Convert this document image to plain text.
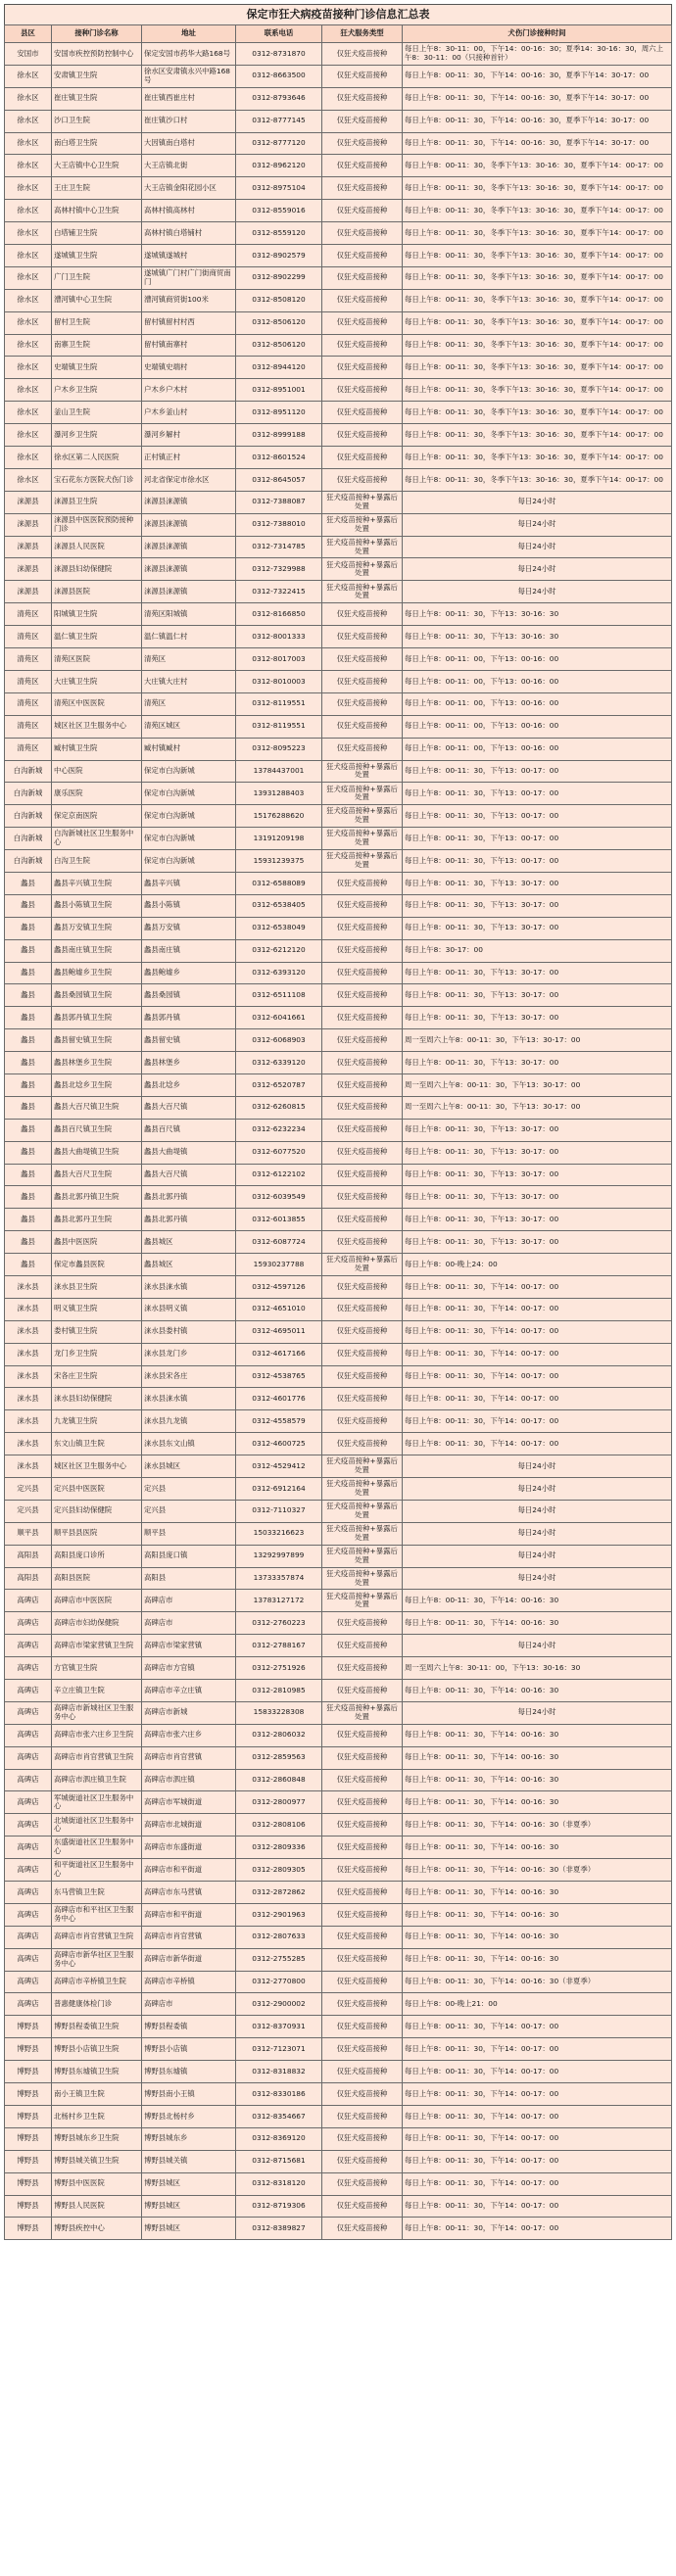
保定市狂犬病疫苗接种门诊信息汇总表
县区	接种门诊名称	地址	联系电话	狂犬服务类型	犬伤门诊接种时间
安国市	安国市疾控预防控制中心	保定安国市药华大路168号	0312-8731870	仅狂犬疫苗接种	每日上午8：30-11：00，下午14：00-16：30；夏季14：30-16：30，周六上午8：30-11：00（只接种首针）
徐水区	安肃镇卫生院	徐水区安肃镇永兴中路168号	0312-8663500	仅狂犬疫苗接种	每日上午8：00-11：30，下午14：00-16：30，夏季下午14：30-17：00
徐水区	崔庄镇卫生院	崔庄镇西崔庄村	0312-8793646	仅狂犬疫苗接种	每日上午8：00-11：30，下午14：00-16：30，夏季下午14：30-17：00
徐水区	沙口卫生院	崔庄镇沙口村	0312-8777145	仅狂犬疫苗接种	每日上午8：00-11：30，下午14：00-16：30，夏季下午14：30-17：00
徐水区	南白塔卫生院	大因镇南白塔村	0312-8777120	仅狂犬疫苗接种	每日上午8：00-11：30，下午14：00-16：30，夏季下午14：30-17：00
徐水区	大王店镇中心卫生院	大王店镇北街	0312-8962120	仅狂犬疫苗接种	每日上午8：00-11：30，冬季下午13：30-16：30，夏季下午14：00-17：00
徐水区	王庄卫生院	大王店镇金阳花园小区	0312-8975104	仅狂犬疫苗接种	每日上午8：00-11：30，冬季下午13：30-16：30，夏季下午14：00-17：00
徐水区	高林村镇中心卫生院	高林村镇高林村	0312-8559016	仅狂犬疫苗接种	每日上午8：00-11：30，冬季下午13：30-16：30，夏季下午14：00-17：00
徐水区	白塔铺卫生院	高林村镇白塔铺村	0312-8559120	仅狂犬疫苗接种	每日上午8：00-11：30，冬季下午13：30-16：30，夏季下午14：00-17：00
徐水区	遂城镇卫生院	遂城镇遂城村	0312-8902579	仅狂犬疫苗接种	每日上午8：00-11：30，冬季下午13：30-16：30，夏季下午14：00-17：00
徐水区	广门卫生院	遂城镇广门村广门街商贸南门	0312-8902299	仅狂犬疫苗接种	每日上午8：00-11：30，冬季下午13：30-16：30，夏季下午14：00-17：00
徐水区	漕河镇中心卫生院	漕河镇商贸街100米	0312-8508120	仅狂犬疫苗接种	每日上午8：00-11：30，冬季下午13：30-16：30，夏季下午14：00-17：00
徐水区	留村卫生院	留村镇留村村西	0312-8506120	仅狂犬疫苗接种	每日上午8：00-11：30，冬季下午13：30-16：30，夏季下午14：00-17：00
徐水区	南寨卫生院	留村镇南寨村	0312-8506120	仅狂犬疫苗接种	每日上午8：00-11：30，冬季下午13：30-16：30，夏季下午14：00-17：00
徐水区	史端镇卫生院	史端镇史端村	0312-8944120	仅狂犬疫苗接种	每日上午8：00-11：30，冬季下午13：30-16：30，夏季下午14：00-17：00
徐水区	户木乡卫生院	户木乡户木村	0312-8951001	仅狂犬疫苗接种	每日上午8：00-11：30，冬季下午13：30-16：30，夏季下午14：00-17：00
徐水区	釜山卫生院	户木乡釜山村	0312-8951120	仅狂犬疫苗接种	每日上午8：00-11：30，冬季下午13：30-16：30，夏季下午14：00-17：00
徐水区	瀑河乡卫生院	瀑河乡解村	0312-8999188	仅狂犬疫苗接种	每日上午8：00-11：30，冬季下午13：30-16：30，夏季下午14：00-17：00
徐水区	徐水区第二人民医院	正村镇正村	0312-8601524	仅狂犬疫苗接种	每日上午8：00-11：30，冬季下午13：30-16：30，夏季下午14：00-17：00
徐水区	宝石花东方医院犬伤门诊	河北省保定市徐水区	0312-8645057	仅狂犬疫苗接种	每日上午8：00-11：30，冬季下午13：30-16：30，夏季下午14：00-17：00
涞源县	涞源县卫生院	涞源县涞源镇	0312-7388087	狂犬疫苗接种+暴露后处置	每日24小时
涞源县	涞源县中医医院预防接种门诊	涞源县涞源镇	0312-7388010	狂犬疫苗接种+暴露后处置	每日24小时
涞源县	涞源县人民医院	涞源县涞源镇	0312-7314785	狂犬疫苗接种+暴露后处置	每日24小时
涞源县	涞源县妇幼保健院	涞源县涞源镇	0312-7329988	狂犬疫苗接种+暴露后处置	每日24小时
涞源县	涞源县医院	涞源县涞源镇	0312-7322415	狂犬疫苗接种+暴露后处置	每日24小时
清苑区	阳城镇卫生院	清苑区阳城镇	0312-8166850	仅狂犬疫苗接种	每日上午8：00-11：30，下午13：30-16：30
清苑区	温仁镇卫生院	温仁镇温仁村	0312-8001333	仅狂犬疫苗接种	每日上午8：00-11：30，下午13：30-16：30
清苑区	清苑区医院	清苑区	0312-8017003	仅狂犬疫苗接种	每日上午8：00-11：00，下午13：00-16：00
清苑区	大庄镇卫生院	大庄镇大庄村	0312-8010003	仅狂犬疫苗接种	每日上午8：00-11：00，下午13：00-16：00
清苑区	清苑区中医医院	清苑区	0312-8119551	仅狂犬疫苗接种	每日上午8：00-11：00，下午13：00-16：00
清苑区	城区社区卫生服务中心	清苑区城区	0312-8119551	仅狂犬疫苗接种	每日上午8：00-11：00，下午13：00-16：00
清苑区	臧村镇卫生院	臧村镇臧村	0312-8095223	仅狂犬疫苗接种	每日上午8：00-11：00，下午13：00-16：00
白沟新城	中心医院	保定市白沟新城	13784437001	狂犬疫苗接种+暴露后处置	每日上午8：00-11：30，下午13：00-17：00
白沟新城	康乐医院	保定市白沟新城	13931288403	狂犬疫苗接种+暴露后处置	每日上午8：00-11：30，下午13：00-17：00
白沟新城	保定京南医院	保定市白沟新城	15176288620	狂犬疫苗接种+暴露后处置	每日上午8：00-11：30，下午13：00-17：00
白沟新城	白沟新城社区卫生服务中心	保定市白沟新城	13191209198	狂犬疫苗接种+暴露后处置	每日上午8：00-11：30，下午13：00-17：00
白沟新城	白沟卫生院	保定市白沟新城	15931239375	狂犬疫苗接种+暴露后处置	每日上午8：00-11：30，下午13：00-17：00
蠡县	蠡县辛兴镇卫生院	蠡县辛兴镇	0312-6588089	仅狂犬疫苗接种	每日上午8：00-11：30，下午13：30-17：00
蠡县	蠡县小陈镇卫生院	蠡县小陈镇	0312-6538405	仅狂犬疫苗接种	每日上午8：00-11：30，下午13：30-17：00
蠡县	蠡县万安镇卫生院	蠡县万安镇	0312-6538049	仅狂犬疫苗接种	每日上午8：00-11：30，下午13：30-17：00
蠡县	蠡县南庄镇卫生院	蠡县南庄镇	0312-6212120	仅狂犬疫苗接种	每日上午8：30-17：00
蠡县	蠡县鲍墟乡卫生院	蠡县鲍墟乡	0312-6393120	仅狂犬疫苗接种	每日上午8：00-11：30，下午13：30-17：00
蠡县	蠡县桑园镇卫生院	蠡县桑园镇	0312-6511108	仅狂犬疫苗接种	每日上午8：00-11：30，下午13：30-17：00
蠡县	蠡县郭丹镇卫生院	蠡县郭丹镇	0312-6041661	仅狂犬疫苗接种	每日上午8：00-11：30，下午13：30-17：00
蠡县	蠡县留史镇卫生院	蠡县留史镇	0312-6068903	仅狂犬疫苗接种	周一至周六上午8：00-11：30，下午13：30-17：00
蠡县	蠡县林堡乡卫生院	蠡县林堡乡	0312-6339120	仅狂犬疫苗接种	每日上午8：00-11：30，下午13：30-17：00
蠡县	蠡县北埝乡卫生院	蠡县北埝乡	0312-6520787	仅狂犬疫苗接种	周一至周六上午8：00-11：30，下午13：30-17：00
蠡县	蠡县大百尺镇卫生院	蠡县大百尺镇	0312-6260815	仅狂犬疫苗接种	周一至周六上午8：00-11：30，下午13：30-17：00
蠡县	蠡县百尺镇卫生院	蠡县百尺镇	0312-6232234	仅狂犬疫苗接种	每日上午8：00-11：30，下午13：30-17：00
蠡县	蠡县大曲堤镇卫生院	蠡县大曲堤镇	0312-6077520	仅狂犬疫苗接种	每日上午8：00-11：30，下午13：30-17：00
蠡县	蠡县大百尺卫生院	蠡县大百尺镇	0312-6122102	仅狂犬疫苗接种	每日上午8：00-11：30，下午13：30-17：00
蠡县	蠡县北郭丹镇卫生院	蠡县北郭丹镇	0312-6039549	仅狂犬疫苗接种	每日上午8：00-11：30，下午13：30-17：00
蠡县	蠡县北郭丹卫生院	蠡县北郭丹镇	0312-6013855	仅狂犬疫苗接种	每日上午8：00-11：30，下午13：30-17：00
蠡县	蠡县中医医院	蠡县城区	0312-6087724	仅狂犬疫苗接种	每日上午8：00-11：30，下午13：30-17：00
蠡县	保定市蠡县医院	蠡县城区	15930237788	狂犬疫苗接种+暴露后处置	每日上午8：00-晚上24：00
涞水县	涞水县卫生院	涞水县涞水镇	0312-4597126	仅狂犬疫苗接种	每日上午8：00-11：30，下午14：00-17：00
涞水县	明义镇卫生院	涞水县明义镇	0312-4651010	仅狂犬疫苗接种	每日上午8：00-11：30，下午14：00-17：00
涞水县	娄村镇卫生院	涞水县娄村镇	0312-4695011	仅狂犬疫苗接种	每日上午8：00-11：30，下午14：00-17：00
涞水县	龙门乡卫生院	涞水县龙门乡	0312-4617166	仅狂犬疫苗接种	每日上午8：00-11：30，下午14：00-17：00
涞水县	宋各庄卫生院	涞水县宋各庄	0312-4538765	仅狂犬疫苗接种	每日上午8：00-11：30，下午14：00-17：00
涞水县	涞水县妇幼保健院	涞水县涞水镇	0312-4601776	仅狂犬疫苗接种	每日上午8：00-11：30，下午14：00-17：00
涞水县	九龙镇卫生院	涞水县九龙镇	0312-4558579	仅狂犬疫苗接种	每日上午8：00-11：30，下午14：00-17：00
涞水县	东文山镇卫生院	涞水县东文山镇	0312-4600725	仅狂犬疫苗接种	每日上午8：00-11：30，下午14：00-17：00
涞水县	城区社区卫生服务中心	涞水县城区	0312-4529412	狂犬疫苗接种+暴露后处置	每日24小时
定兴县	定兴县中医医院	定兴县	0312-6912164	狂犬疫苗接种+暴露后处置	每日24小时
定兴县	定兴县妇幼保健院	定兴县	0312-7110327	狂犬疫苗接种+暴露后处置	每日24小时
顺平县	顺平县县医院	顺平县	15033216623	狂犬疫苗接种+暴露后处置	每日24小时
高阳县	高阳县庞口诊所	高阳县庞口镇	13292997899	狂犬疫苗接种+暴露后处置	每日24小时
高阳县	高阳县医院	高阳县	13733357874	狂犬疫苗接种+暴露后处置	每日24小时
高碑店	高碑店市中医医院	高碑店市	13783127172	狂犬疫苗接种+暴露后处置	每日上午8：00-11：30，下午14：00-16：30
高碑店	高碑店市妇幼保健院	高碑店市	0312-2760223	仅狂犬疫苗接种	每日上午8：00-11：30，下午14：00-16：30
高碑店	高碑店市梁家营镇卫生院	高碑店市梁家营镇	0312-2788167	仅狂犬疫苗接种	每日24小时
高碑店	方官镇卫生院	高碑店市方官镇	0312-2751926	仅狂犬疫苗接种	周一至周六上午8：30-11：00，下午13：30-16：30
高碑店	辛立庄镇卫生院	高碑店市辛立庄镇	0312-2810985	仅狂犬疫苗接种	每日上午8：00-11：30，下午14：00-16：30
高碑店	高碑店市新城社区卫生服务中心	高碑店市新城	15833228308	狂犬疫苗接种+暴露后处置	每日24小时
高碑店	高碑店市张六庄乡卫生院	高碑店市张六庄乡	0312-2806032	仅狂犬疫苗接种	每日上午8：00-11：30，下午14：00-16：30
高碑店	高碑店市肖官营镇卫生院	高碑店市肖官营镇	0312-2859563	仅狂犬疫苗接种	每日上午8：00-11：30，下午14：00-16：30
高碑店	高碑店市泗庄镇卫生院	高碑店市泗庄镇	0312-2860848	仅狂犬疫苗接种	每日上午8：00-11：30，下午14：00-16：30
高碑店	军城街道社区卫生服务中心	高碑店市军城街道	0312-2800977	仅狂犬疫苗接种	每日上午8：00-11：30，下午14：00-16：30
高碑店	北城街道社区卫生服务中心	高碑店市北城街道	0312-2808106	仅狂犬疫苗接种	每日上午8：00-11：30，下午14：00-16：30（非夏季）
高碑店	东盛街道社区卫生服务中心	高碑店市东盛街道	0312-2809336	仅狂犬疫苗接种	每日上午8：00-11：30，下午14：00-16：30
高碑店	和平街道社区卫生服务中心	高碑店市和平街道	0312-2809305	仅狂犬疫苗接种	每日上午8：00-11：30，下午14：00-16：30（非夏季）
高碑店	东马营镇卫生院	高碑店市东马营镇	0312-2872862	仅狂犬疫苗接种	每日上午8：00-11：30，下午14：00-16：30
高碑店	高碑店市和平社区卫生服务中心	高碑店市和平街道	0312-2901963	仅狂犬疫苗接种	每日上午8：00-11：30，下午14：00-16：30
高碑店	高碑店市肖官营镇卫生院	高碑店市肖官营镇	0312-2807633	仅狂犬疫苗接种	每日上午8：00-11：30，下午14：00-16：30
高碑店	高碑店市新华社区卫生服务中心	高碑店市新华街道	0312-2755285	仅狂犬疫苗接种	每日上午8：00-11：30，下午14：00-16：30
高碑店	高碑店市辛桥镇卫生院	高碑店市辛桥镇	0312-2770800	仅狂犬疫苗接种	每日上午8：00-11：30，下午14：00-16：30（非夏季）
高碑店	普惠健康体检门诊	高碑店市	0312-2900002	仅狂犬疫苗接种	每日上午8：00-晚上21：00
博野县	博野县程委镇卫生院	博野县程委镇	0312-8370931	仅狂犬疫苗接种	每日上午8：00-11：30，下午14：00-17：00
博野县	博野县小店镇卫生院	博野县小店镇	0312-7123071	仅狂犬疫苗接种	每日上午8：00-11：30，下午14：00-17：00
博野县	博野县东墟镇卫生院	博野县东墟镇	0312-8318832	仅狂犬疫苗接种	每日上午8：00-11：30，下午14：00-17：00
博野县	南小王镇卫生院	博野县南小王镇	0312-8330186	仅狂犬疫苗接种	每日上午8：00-11：30，下午14：00-17：00
博野县	北杨村乡卫生院	博野县北杨村乡	0312-8354667	仅狂犬疫苗接种	每日上午8：00-11：30，下午14：00-17：00
博野县	博野县城东乡卫生院	博野县城东乡	0312-8369120	仅狂犬疫苗接种	每日上午8：00-11：30，下午14：00-17：00
博野县	博野县城关镇卫生院	博野县城关镇	0312-8715681	仅狂犬疫苗接种	每日上午8：00-11：30，下午14：00-17：00
博野县	博野县中医医院	博野县城区	0312-8318120	仅狂犬疫苗接种	每日上午8：00-11：30，下午14：00-17：00
博野县	博野县人民医院	博野县城区	0312-8719306	仅狂犬疫苗接种	每日上午8：00-11：30，下午14：00-17：00
博野县	博野县疾控中心	博野县城区	0312-8389827	仅狂犬疫苗接种	每日上午8：00-11：30，下午14：00-17：00
